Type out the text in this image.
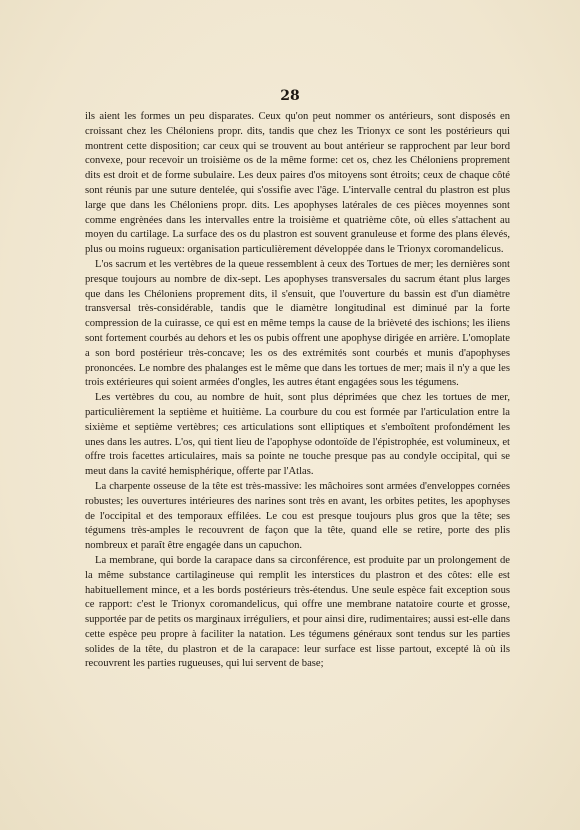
28

ils aient les formes un peu disparates. Ceux qu'on peut nommer os antérieurs, sont disposés en croissant chez les Chéloniens propr. dits, tandis que chez les Trionyx ce sont les postérieurs qui montrent cette disposition; car ceux qui se trouvent au bout antérieur se rapprochent par leur bord convexe, pour recevoir un troisième os de la même forme: cet os, chez les Chéloniens proprement dits est droit et de forme subulaire. Les deux paires d'os mitoyens sont étroits; ceux de chaque côté sont réunis par une suture dentelée, qui s'ossifie avec l'âge. L'intervalle central du plastron est plus large que dans les Chéloniens propr. dits. Les apophyses latérales de ces pièces moyennes sont comme engrènées dans les intervalles entre la troisième et quatrième côte, où elles s'attachent au moyen du cartilage. La surface des os du plastron est souvent granuleuse et forme des plans élevés, plus ou moins rugueux: organisation particulièrement développée dans le Trionyx coromandelicus.

L'os sacrum et les vertèbres de la queue ressemblent à ceux des Tortues de mer; les dernières sont presque toujours au nombre de dix-sept. Les apophyses transversales du sacrum étant plus larges que dans les Chéloniens proprement dits, il s'ensuit, que l'ouverture du bassin est d'un diamètre transversal très-considérable, tandis que le diamètre longitudinal est diminué par la forte compression de la cuirasse, ce qui est en même temps la cause de la brièveté des ischions; les iliens sont fortement courbés au dehors et les os pubis offrent une apophyse dirigée en arrière. L'omoplate a son bord postérieur très-concave; les os des extrémités sont courbés et munis d'apophyses prononcées. Le nombre des phalanges est le même que dans les tortues de mer; mais il n'y a que les trois extérieures qui soient armées d'ongles, les autres étant engagées sous les tégumens.

Les vertèbres du cou, au nombre de huit, sont plus déprimées que chez les tortues de mer, particulièrement la septième et huitième. La courbure du cou est formée par l'articulation entre la sixième et septième vertèbres; ces articulations sont elliptiques et s'emboîtent profondément les unes dans les autres. L'os, qui tient lieu de l'apophyse odontoïde de l'épistrophée, est volumineux, et offre trois facettes articulaires, mais sa pointe ne touche presque pas au condyle occipital, qui se meut dans la cavité hemisphérique, offerte par l'Atlas.

La charpente osseuse de la tête est très-massive: les mâchoires sont armées d'enveloppes cornées robustes; les ouvertures intérieures des narines sont très en avant, les orbites petites, les apophyses de l'occipital et des temporaux effilées. Le cou est presque toujours plus gros que la tête; ses tégumens très-amples le recouvrent de façon que la tête, quand elle se retire, porte des plis nombreux et paraît être engagée dans un capuchon.

La membrane, qui borde la carapace dans sa circonférence, est produite par un prolongement de la même substance cartilagineuse qui remplit les interstices du plastron et des côtes: elle est habituellement mince, et a les bords postérieurs très-étendus. Une seule espèce fait exception sous ce rapport: c'est le Trionyx coromandelicus, qui offre une membrane natatoire courte et grosse, supportée par de petits os marginaux irréguliers, et pour ainsi dire, rudimentaires; aussi est-elle dans cette espèce peu propre à faciliter la natation. Les tégumens généraux sont tendus sur les parties solides de la tête, du plastron et de la carapace: leur surface est lisse partout, excepté là où ils recouvrent les parties rugueuses, qui lui servent de base;
